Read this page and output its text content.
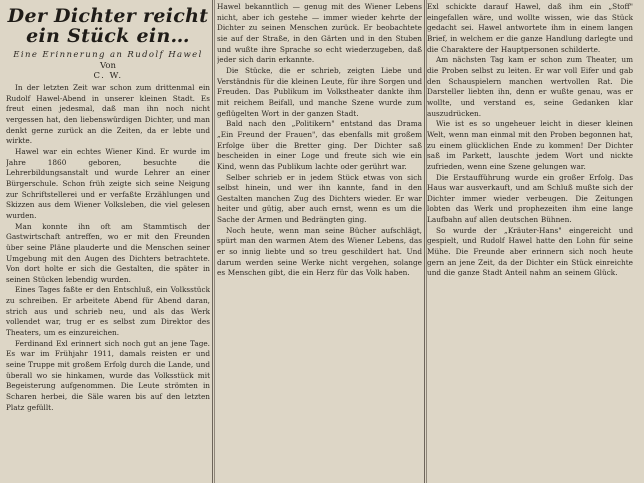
Der Dichter reicht ein Stück ein…
Eine Erinnerung an Rudolf Hawel
Von
C. W.

In der letzten Zeit war schon zum drittenmal ein Rudolf Hawel-Abend in unserer kleinen Stadt. Es freut einen jedesmal, daß man ihn noch nicht vergessen hat, den liebenswürdigen Dichter, und man denkt gerne zurück an die Zeiten, da er lebte und wirkte.

Hawel war ein echtes Wiener Kind. Er wurde im Jahre 1860 geboren, besuchte die Lehrerbildungsanstalt und wurde Lehrer an einer Bürgerschule. Schon früh zeigte sich seine Neigung zur Schriftstellerei und er verfaßte Erzählungen und Skizzen aus dem Wiener Volksleben, die viel gelesen wurden.

Man konnte ihn oft am Stammtisch der Gastwirtschaft antreffen, wo er mit den Freunden über seine Pläne plauderte und die Menschen seiner Umgebung mit den Augen des Dichters betrachtete. Von dort holte er sich die Gestalten, die später in seinen Stücken lebendig wurden.

Eines Tages faßte er den Entschluß, ein Volksstück zu schreiben. Er arbeitete Abend für Abend daran, strich aus und schrieb neu, und als das Werk vollendet war, trug er es selbst zum Direktor des Theaters, um es einzureichen.

Ferdinand Exl erinnert sich noch gut an jene Tage. Es war im Frühjahr 1911, damals reisten er und seine Truppe mit großem Erfolg durch die Lande, und überall wo sie hinkamen, wurde das Volksstück mit Begeisterung aufgenommen. Die Leute strömten in Scharen herbei, die Säle waren bis auf den letzten Platz gefüllt.

Hawel bekanntlich — genug mit des Wiener Lebens nicht, aber ich gestehe — immer wieder kehrte der Dichter zu seinen Menschen zurück. Er beobachtete sie auf der Straße, in den Gärten und in den Stuben und wußte ihre Sprache so echt wiederzugeben, daß jeder sich darin erkannte.

Die Stücke, die er schrieb, zeigten Liebe und Verständnis für die kleinen Leute, für ihre Sorgen und Freuden. Das Publikum im Volkstheater dankte ihm mit reichem Beifall, und manche Szene wurde zum geflügelten Wort in der ganzen Stadt.

Bald nach den „Politikern" entstand das Drama „Ein Freund der Frauen", das ebenfalls mit großem Erfolge über die Bretter ging. Der Dichter saß bescheiden in einer Loge und freute sich wie ein Kind, wenn das Publikum lachte oder gerührt war.

Selber schrieb er in jedem Stück etwas von sich selbst hinein, und wer ihn kannte, fand in den Gestalten manchen Zug des Dichters wieder. Er war heiter und gütig, aber auch ernst, wenn es um die Sache der Armen und Bedrängten ging.

Noch heute, wenn man seine Bücher aufschlägt, spürt man den warmen Atem des Wiener Lebens, das er so innig liebte und so treu geschildert hat. Und darum werden seine Werke nicht vergehen, solange es Menschen gibt, die ein Herz für das Volk haben.

Exl schickte darauf Hawel, daß ihm ein „Stoff" eingefallen wäre, und wollte wissen, wie das Stück gedacht sei. Hawel antwortete ihm in einem langen Brief, in welchem er die ganze Handlung darlegte und die Charaktere der Hauptpersonen schilderte.

Am nächsten Tag kam er schon zum Theater, um die Proben selbst zu leiten. Er war voll Eifer und gab den Schauspielern manchen wertvollen Rat. Die Darsteller liebten ihn, denn er wußte genau, was er wollte, und verstand es, seine Gedanken klar auszudrücken.

Wie ist es so ungeheuer leicht in dieser kleinen Welt, wenn man einmal mit den Proben begonnen hat, zu einem glücklichen Ende zu kommen! Der Dichter saß im Parkett, lauschte jedem Wort und nickte zufrieden, wenn eine Szene gelungen war.

Die Erstaufführung wurde ein großer Erfolg. Das Haus war ausverkauft, und am Schluß mußte sich der Dichter immer wieder verbeugen. Die Zeitungen lobten das Werk und prophezeiten ihm eine lange Laufbahn auf allen deutschen Bühnen.

So wurde der „Kräuter-Hans" eingereicht und gespielt, und Rudolf Hawel hatte den Lohn für seine Mühe. Die Freunde aber erinnern sich noch heute gern an jene Zeit, da der Dichter ein Stück einreichte und die ganze Stadt Anteil nahm an seinem Glück.
